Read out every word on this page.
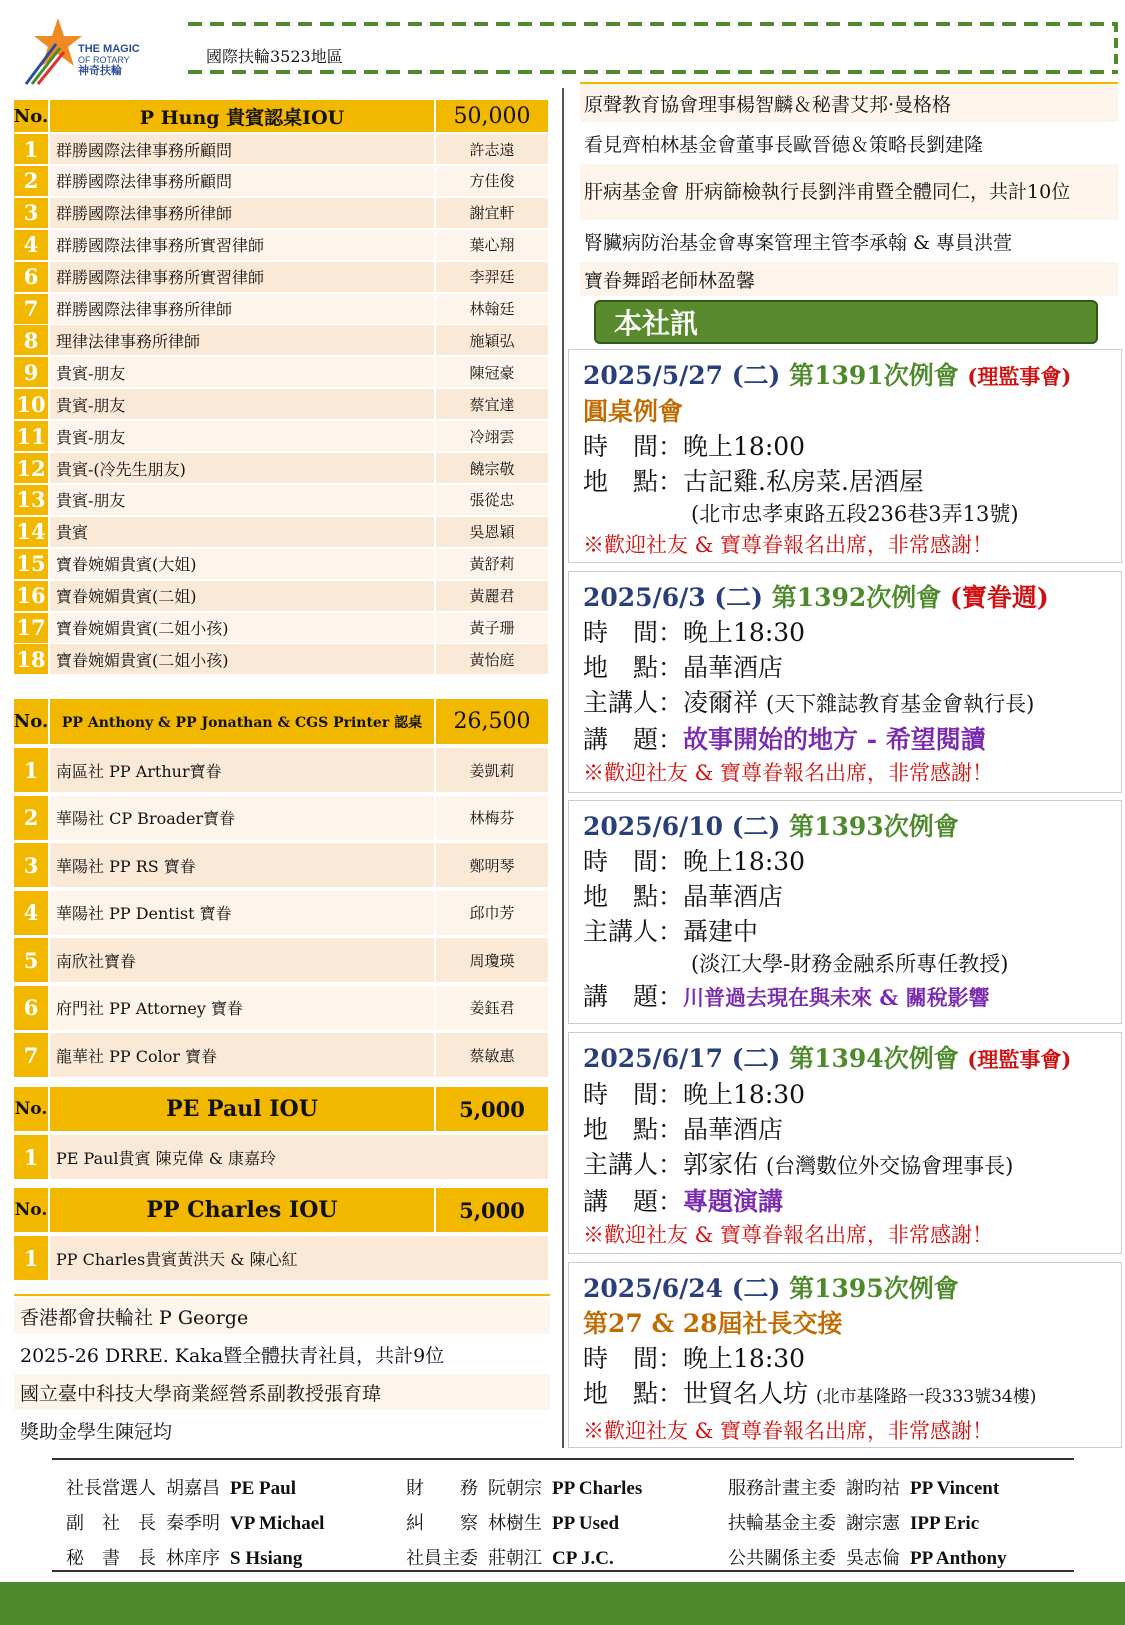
THE MAGIC
OF ROTARY
神奇扶輪
國際扶輪3523地區
No.	P Hung 貴賓認桌IOU	50,000
1	群勝國際法律事務所顧問	許志遠
2	群勝國際法律事務所顧問	方佳俊
3	群勝國際法律事務所律師	謝宜軒
4	群勝國際法律事務所實習律師	葉心翔
6	群勝國際法律事務所實習律師	李羿廷
7	群勝國際法律事務所律師	林翰廷
8	理律法律事務所律師	施穎弘
9	貴賓-朋友	陳冠豪
10 貴賓-朋友	蔡宜達
11 貴賓-朋友	冷翊雲
12 貴賓-(冷先生朋友)	饒宗敬
13 貴賓-朋友	張從忠
14 貴賓	吳恩穎
15 寶眷婉媚貴賓(大姐)	黃舒莉
16 寶眷婉媚貴賓(二姐)	黃麗君
17 寶眷婉媚貴賓(二姐小孩)	黃子珊
18 寶眷婉媚貴賓(二姐小孩)	黃怡庭
No. PP Anthony & PP Jonathan & CGS Printer 認桌	26,500
1	南區社 PP Arthur寶眷	姜凱莉
2	華陽社 CP Broader寶眷	林梅芬
3	華陽社 PP RS 寶眷	鄭明琴
4	華陽社 PP Dentist 寶眷	邱巾芳
5	南欣社寶眷	周瓊瑛
6	府門社 PP Attorney 寶眷	姜鈺君
7	龍華社 PP Color 寶眷	蔡敏惠
No.	PE Paul IOU	5,000
1	PE Paul貴賓 陳克偉 & 康嘉玲
No.	PP Charles IOU	5,000
1	PP Charles貴賓黃洪天 & 陳心紅
香港都會扶輪社 P George
2025-26 DRRE. Kaka暨全體扶青社員，共計9位
國立臺中科技大學商業經營系副教授張育瑋
獎助金學生陳冠均
原聲教育協會理事楊智麟＆秘書艾邦·曼格格
看見齊柏林基金會董事長歐晉德＆策略長劉建隆
肝病基金會 肝病篩檢執行長劉泮甫暨全體同仁，共計10位
腎臟病防治基金會專案管理主管李承翰 & 專員洪萱
寶眷舞蹈老師林盈馨
本社訊
2025/5/27 (二) 第1391次例會 (理監事會)
圓桌例會
時　間：晚上18:00
地　點：古記雞.私房菜.居酒屋
(北市忠孝東路五段236巷3弄13號)
※歡迎社友 & 寶尊眷報名出席，非常感謝！
2025/6/3 (二) 第1392次例會 (寶眷週)
時　間：晚上18:30
地　點：晶華酒店
主講人：凌爾祥 (天下雜誌教育基金會執行長)
講　題：故事開始的地方 - 希望閱讀
※歡迎社友 & 寶尊眷報名出席，非常感謝！
2025/6/10 (二) 第1393次例會
時　間：晚上18:30
地　點：晶華酒店
主講人：聶建中
(淡江大學-財務金融系所專任教授)
講　題：川普過去現在與未來 & 關稅影響
2025/6/17 (二) 第1394次例會 (理監事會)
時　間：晚上18:30
地　點：晶華酒店
主講人：郭家佑 (台灣數位外交協會理事長)
講　題：專題演講
※歡迎社友 & 寶尊眷報名出席，非常感謝！
2025/6/24 (二) 第1395次例會
第27 & 28屆社長交接
時　間：晚上18:30
地　點：世貿名人坊 (北市基隆路一段333號34樓)
※歡迎社友 & 寶尊眷報名出席，非常感謝！
社長當選人 胡嘉昌 PE Paul
副　社　長 秦季明 VP Michael
秘　書　長 林庠序 S Hsiang
財　　務 阮朝宗 PP Charles
糾　　察 林樹生 PP Used
社員主委 莊朝江 CP J.C.
服務計畫主委 謝昀祜 PP Vincent
扶輪基金主委 謝宗憲 IPP Eric
公共關係主委 吳志倫 PP Anthony
